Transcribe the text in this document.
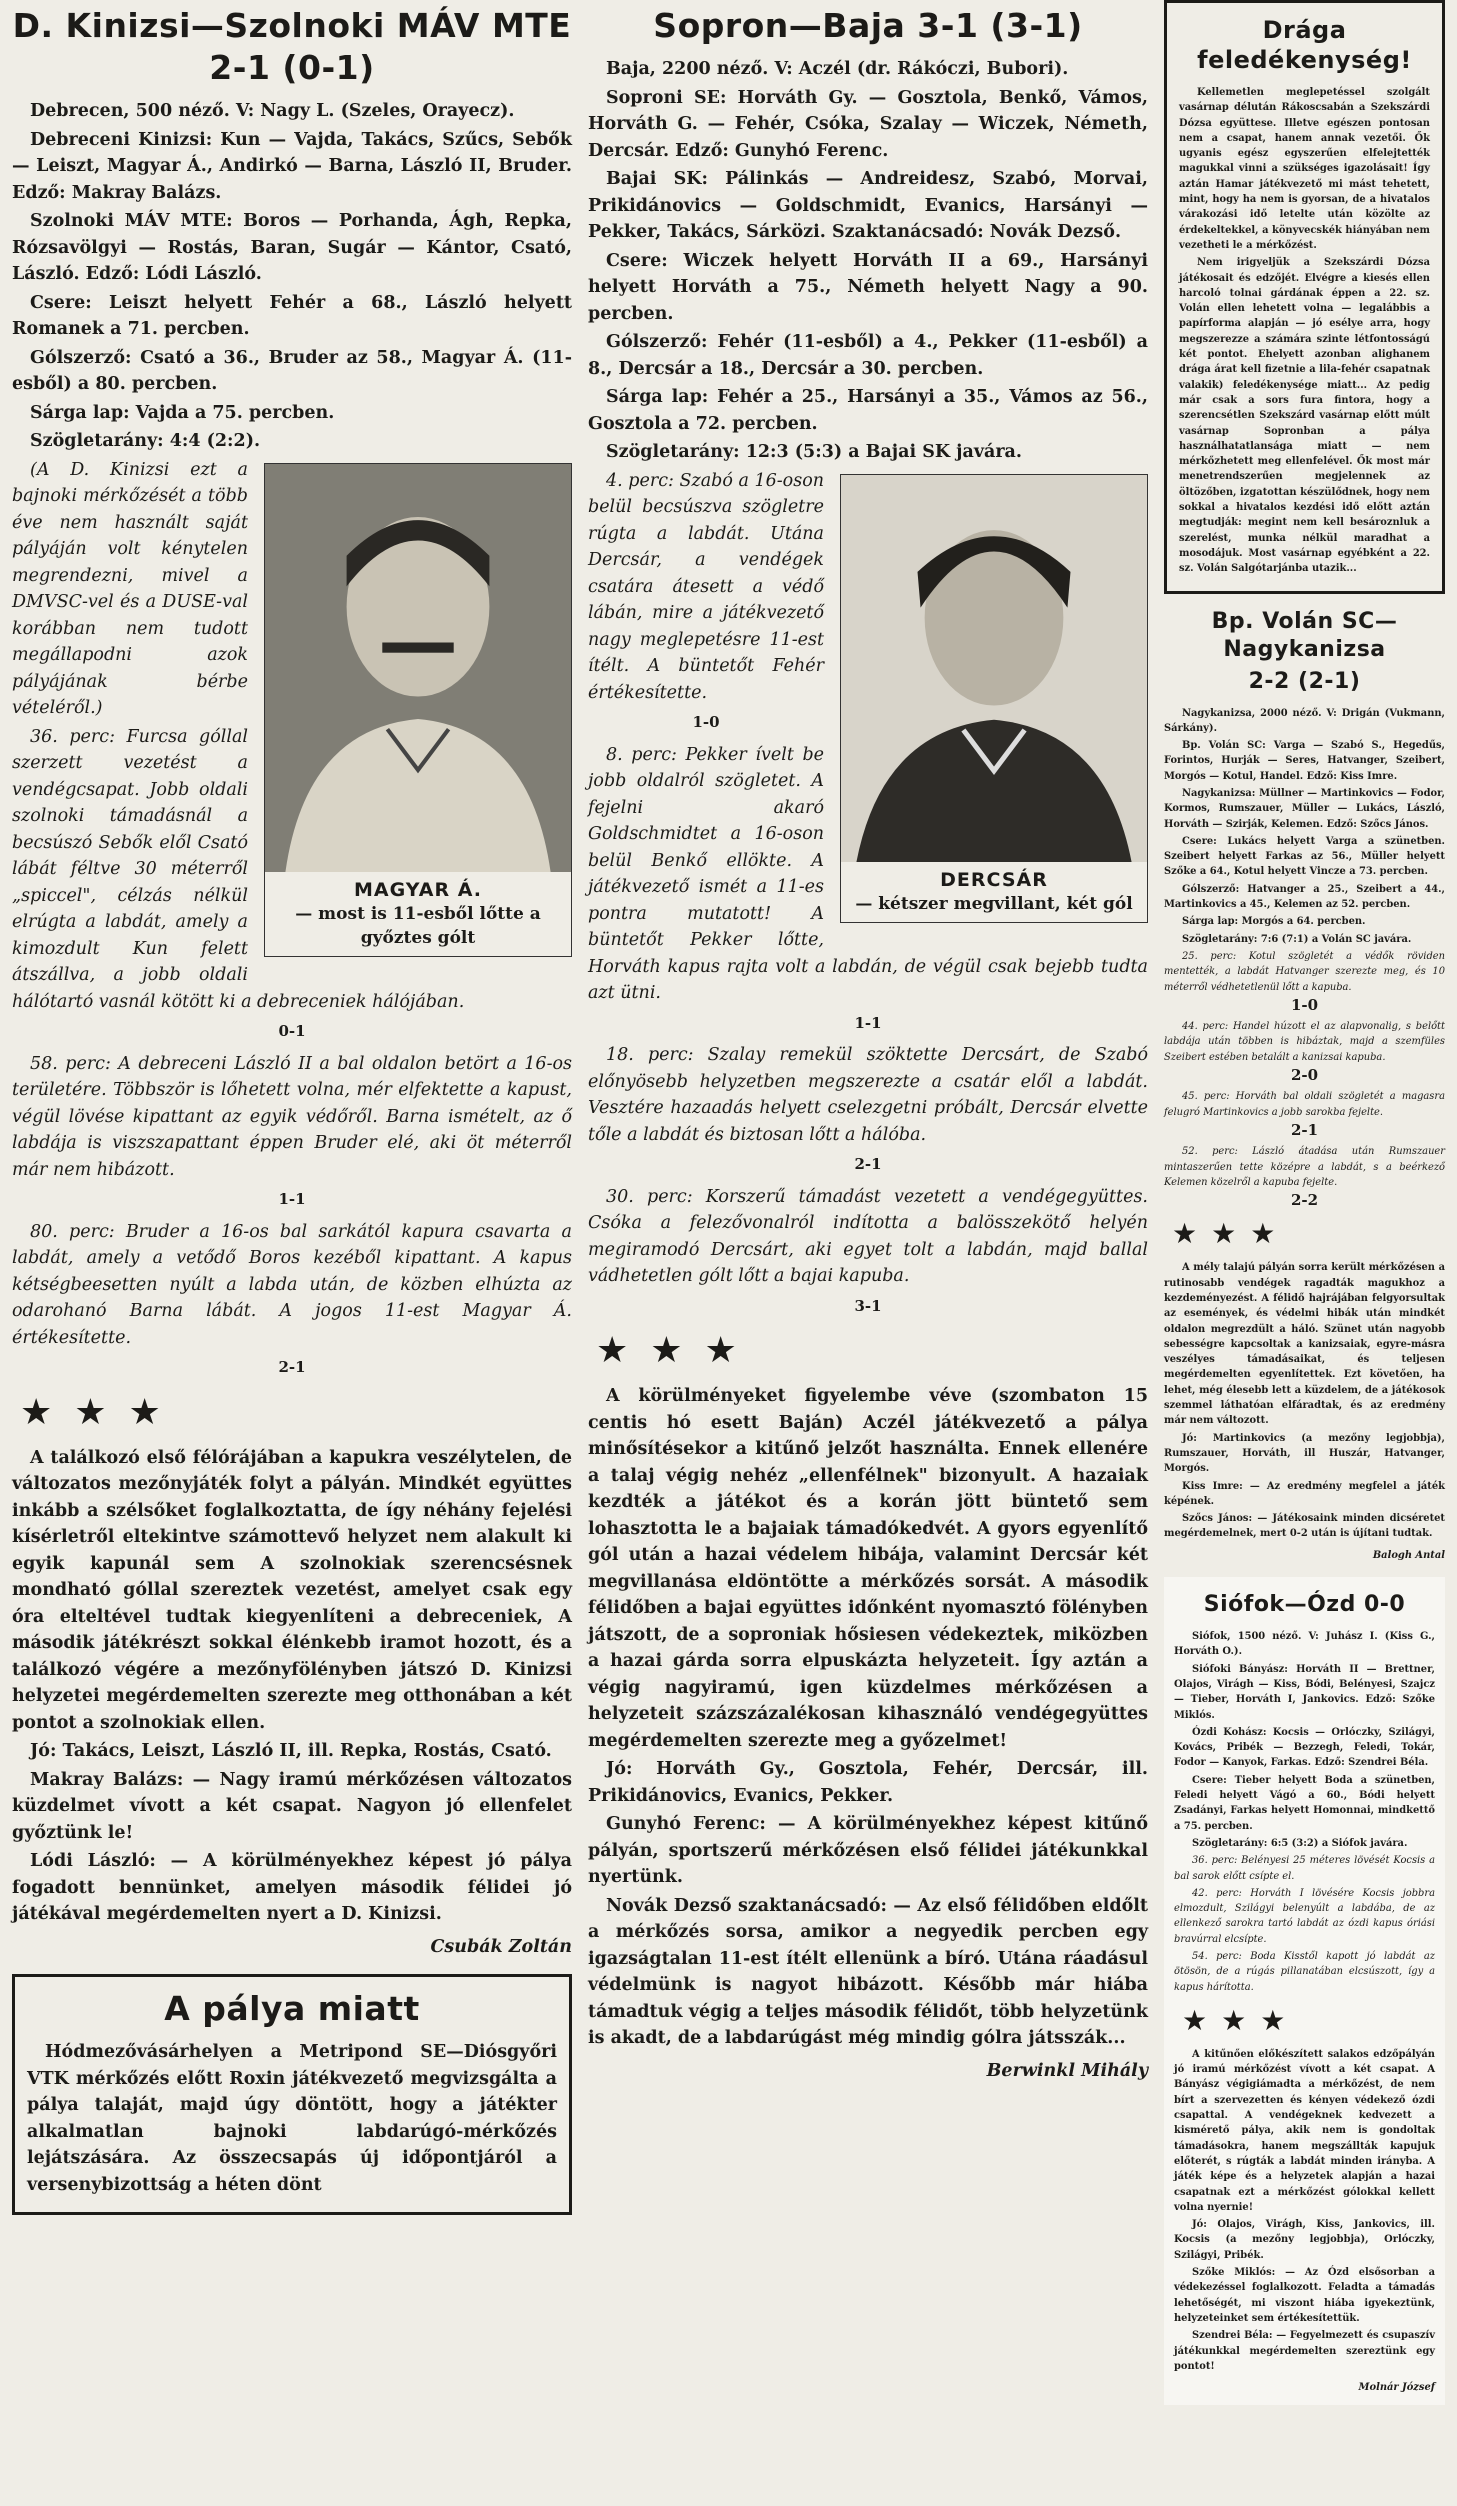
D. Kinizsi—Szolnoki MÁV MTE
2-1 (0-1)

Debrecen, 500 néző. V: Nagy L. (Szeles, Orayecz).

Debreceni Kinizsi: Kun — Vajda, Takács, Szűcs, Sebők — Leiszt, Magyar Á., Andirkó — Barna, László II, Bruder. Edző: Makray Balázs.

Szolnoki MÁV MTE: Boros — Porhanda, Ágh, Repka, Rózsavölgyi — Rostás, Baran, Sugár — Kántor, Csató, László. Edző: Lódi László.

Csere: Leiszt helyett Fehér a 68., László helyett Romanek a 71. percben.

Gólszerző: Csató a 36., Bruder az 58., Magyar Á. (11-esből) a 80. percben.

Sárga lap: Vajda a 75. percben.

Szögletarány: 4:4 (2:2).

MAGYAR Á.
— most is 11-esből lőtte a győztes gólt

(A D. Kinizsi ezt a bajnoki mérkőzését a több éve nem használt saját pályáján volt kénytelen megrendezni, mivel a DMVSC-vel és a DUSE-val korábban nem tudott megállapodni azok pályájának bérbe vételéről.)

36. perc: Furcsa góllal szerzett vezetést a vendégcsapat. Jobb oldali szolnoki támadásnál a becsúszó Sebők elől Csató lábát féltve 30 méterről „spiccel", célzás nélkül elrúgta a labdát, amely a kimozdult Kun felett átszállva, a jobb oldali hálótartó vasnál kötött ki a debreceniek hálójában.

0-1

58. perc: A debreceni László II a bal oldalon betört a 16-os területére. Többször is lőhetett volna, mér elfektette a kapust, végül lövése kipattant az egyik védőről. Barna ismételt, az ő labdája is viszszapattant éppen Bruder elé, aki öt méterről már nem hibázott.

1-1

80. perc: Bruder a 16-os bal sarkától kapura csavarta a labdát, amely a vetődő Boros kezéből kipattant. A kapus kétségbeesetten nyúlt a labda után, de közben elhúzta az odarohanó Barna lábát. A jogos 11-est Magyar Á. értékesítette.

2-1

★★★

A találkozó első félórájában a kapukra veszélytelen, de változatos mezőnyjáték folyt a pályán. Mindkét együttes inkább a szélsőket foglalkoztatta, de így néhány fejelési kísérletről eltekintve számottevő helyzet nem alakult ki egyik kapunál sem A szolnokiak szerencsésnek mondható góllal szereztek vezetést, amelyet csak egy óra elteltével tudtak kiegyenlíteni a debreceniek, A második játékrészt sokkal élénkebb iramot hozott, és a találkozó végére a mezőnyfölényben játszó D. Kinizsi helyzetei megérdemelten szerezte meg otthonában a két pontot a szolnokiak ellen.

Jó: Takács, Leiszt, László II, ill. Repka, Rostás, Csató.

Makray Balázs: — Nagy iramú mérkőzésen változatos küzdelmet vívott a két csapat. Nagyon jó ellenfelet győztünk le!

Lódi László: — A körülményekhez képest jó pálya fogadott bennünket, amelyen második félidei jó játékával megérdemelten nyert a D. Kinizsi.

Csubák Zoltán

A pálya miatt

Hódmezővásárhelyen a Metripond SE—Diósgyőri VTK mérkőzés előtt Roxin játékvezető megvizsgálta a pálya talaját, majd úgy döntött, hogy a játékter alkalmatlan bajnoki labdarúgó-mérkőzés lejátszására. Az összecsapás új időpontjáról a versenybizottság a héten dönt

Sopron—Baja 3-1 (3-1)

Baja, 2200 néző. V: Aczél (dr. Rákóczi, Bubori).

Soproni SE: Horváth Gy. — Gosztola, Benkő, Vámos, Horváth G. — Fehér, Csóka, Szalay — Wiczek, Németh, Dercsár. Edző: Gunyhó Ferenc.

Bajai SK: Pálinkás — Andreidesz, Szabó, Morvai, Prikidánovics — Goldschmidt, Evanics, Harsányi — Pekker, Takács, Sárközi. Szaktanácsadó: Novák Dezső.

Csere: Wiczek helyett Horváth II a 69., Harsányi helyett Horváth a 75., Németh helyett Nagy a 90. percben.

Gólszerző: Fehér (11-esből) a 4., Pekker (11-esből) a 8., Dercsár a 18., Dercsár a 30. percben.

Sárga lap: Fehér a 25., Harsányi a 35., Vámos az 56., Gosztola a 72. percben.

Szögletarány: 12:3 (5:3) a Bajai SK javára.

DERCSÁR
— kétszer megvillant, két gól

4. perc: Szabó a 16-oson belül becsúszva szögletre rúgta a labdát. Utána Dercsár, a vendégek csatára átesett a védő lábán, mire a játékvezető nagy meglepetésre 11-est ítélt. A büntetőt Fehér értékesítette.

1-0

8. perc: Pekker ívelt be jobb oldalról szögletet. A fejelni akaró Goldschmidtet a 16-oson belül Benkő ellökte. A játékvezető ismét a 11-es pontra mutatott! A büntetőt Pekker lőtte, Horváth kapus rajta volt a labdán, de végül csak bejebb tudta azt ütni.

1-1

18. perc: Szalay remekül szöktette Dercsárt, de Szabó előnyösebb helyzetben megszerezte a csatár elől a labdát. Vesztére hazaadás helyett cselezgetni próbált, Dercsár elvette tőle a labdát és biztosan lőtt a hálóba.

2-1

30. perc: Korszerű támadást vezetett a vendégegyüttes. Csóka a felezővonalról indította a balösszekötő helyén megiramodó Dercsárt, aki egyet tolt a labdán, majd ballal vádhetetlen gólt lőtt a bajai kapuba.

3-1

★★★

A körülményeket figyelembe véve (szombaton 15 centis hó esett Baján) Aczél játékvezető a pálya minősítésekor a kitűnő jelzőt használta. Ennek ellenére a talaj végig nehéz „ellenfélnek" bizonyult. A hazaiak kezdték a játékot és a korán jött büntető sem lohasztotta le a bajaiak támadókedvét. A gyors egyenlítő gól után a hazai védelem hibája, valamint Dercsár két megvillanása eldöntötte a mérkőzés sorsát. A második félidőben a bajai együttes időnként nyomasztó fölényben játszott, de a soproniak hősiesen védekeztek, miközben a hazai gárda sorra elpuskázta helyzeteit. Így aztán a végig nagyiramú, igen küzdelmes mérkőzésen a helyzeteit százszázalékosan kihasználó vendégegyüttes megérdemelten szerezte meg a győzelmet!

Jó: Horváth Gy., Gosztola, Fehér, Dercsár, ill. Prikidánovics, Evanics, Pekker.

Gunyhó Ferenc: — A körülményekhez képest kitűnő pályán, sportszerű mérkőzésen első félidei játékunkkal nyertünk.

Novák Dezső szaktanácsadó: — Az első félidőben eldőlt a mérkőzés sorsa, amikor a negyedik percben egy igazságtalan 11-est ítélt ellenünk a bíró. Utána ráadásul védelmünk is nagyot hibázott. Később már hiába támadtuk végig a teljes második félidőt, több helyzetünk is akadt, de a labdarúgást még mindig gólra játsszák...

Berwinkl Mihály

Drága feledékenység!

Kellemetlen meglepetéssel szolgált vasárnap délután Rákoscsabán a Szekszárdi Dózsa együttese. Illetve egészen pontosan nem a csapat, hanem annak vezetői. Ők ugyanis egész egyszerűen elfelejtették magukkal vinni a szükséges igazolásait! Így aztán Hamar játékvezető mi mást tehetett, mint, hogy ha nem is gyorsan, de a hivatalos várakozási idő letelte után közölte az érdekeltekkel, a könyvecskék hiányában nem vezetheti le a mérkőzést.

Nem irigyeljük a Szekszárdi Dózsa játékosait és edzőjét. Elvégre a kiesés ellen harcoló tolnai gárdának éppen a 22. sz. Volán ellen lehetett volna — legalábbis a papírforma alapján — jó esélye arra, hogy megszerezze a számára szinte létfontosságú két pontot. Ehelyett azonban alighanem drága árat kell fizetnie a lila-fehér csapatnak valakik) feledékenysége miatt... Az pedig már csak a sors fura fintora, hogy a szerencsétlen Szekszárd vasárnap előtt múlt vasárnap Sopronban a pálya használhatatlansága miatt — nem mérkőzhetett meg ellenfelével. Ők most már menetrendszerűen megjelennek az öltözőben, izgatottan készülődnek, hogy nem sokkal a hivatalos kezdési idő előtt aztán megtudják: megint nem kell besároznluk a szerelést, munka nélkül maradhat a mosodájuk. Most vasárnap egyébként a 22. sz. Volán Salgótarjánba utazik...

Bp. Volán SC—Nagykanizsa
2-2 (2-1)

Nagykanizsa, 2000 néző. V: Drigán (Vukmann, Sárkány).

Bp. Volán SC: Varga — Szabó S., Hegedűs, Forintos, Hurják — Seres, Hatvanger, Szeibert, Morgós — Kotul, Handel. Edző: Kiss Imre.

Nagykanizsa: Müllner — Martinkovics — Fodor, Kormos, Rumszauer, Müller — Lukács, László, Horváth — Szirják, Kelemen. Edző: Szőcs János.

Csere: Lukács helyett Varga a szünetben. Szeibert helyett Farkas az 56., Müller helyett Szőke a 64., Kotul helyett Vincze a 73. percben.

Gólszerző: Hatvanger a 25., Szeibert a 44., Martinkovics a 45., Kelemen az 52. percben.

Sárga lap: Morgós a 64. percben.

Szögletarány: 7:6 (7:1) a Volán SC javára.

25. perc: Kotul szögletét a védők röviden mentették, a labdát Hatvanger szerezte meg, és 10 méterről védhetetlenül lőtt a kapuba.

1-0

44. perc: Handel húzott el az alapvonalig, s belőtt labdája után többen is hibáztak, majd a szemfüles Szeibert estében betalált a kanizsai kapuba.

2-0

45. perc: Horváth bal oldali szögletét a magasra felugró Martinkovics a jobb sarokba fejelte.

2-1

52. perc: László átadása után Rumszauer mintaszerűen tette középre a labdát, s a beérkező Kelemen közelről a kapuba fejelte.

2-2

★★★

A mély talajú pályán sorra került mérkőzésen a rutinosabb vendégek ragadták magukhoz a kezdeményezést. A félidő hajrájában felgyorsultak az események, és védelmi hibák után mindkét oldalon megrezdült a háló. Szünet után nagyobb sebességre kapcsoltak a kanizsaiak, egyre-másra veszélyes támadásaikat, és teljesen megérdemelten egyenlítettek. Ezt követően, ha lehet, még élesebb lett a küzdelem, de a játékosok szemmel láthatóan elfáradtak, és az eredmény már nem változott.

Jó: Martinkovics (a mezőny legjobbja), Rumszauer, Horváth, ill Huszár, Hatvanger, Morgós.

Kiss Imre: — Az eredmény megfelel a játék képének.

Szőcs János: — Játékosaink minden dicséretet megérdemelnek, mert 0-2 után is újítani tudtak.

Balogh Antal

Siófok—Ózd 0-0

Siófok, 1500 néző. V: Juhász I. (Kiss G., Horváth O.).

Siófoki Bányász: Horváth II — Brettner, Olajos, Virágh — Kiss, Bódi, Belényesi, Szajcz — Tieber, Horváth I, Jankovics. Edző: Szőke Miklós.

Ózdi Kohász: Kocsis — Orlóczky, Szilágyi, Kovács, Pribék — Bezzegh, Feledi, Tokár, Fodor — Kanyok, Farkas. Edző: Szendrei Béla.

Csere: Tieber helyett Boda a szünetben, Feledi helyett Vágó a 60., Bódi helyett Zsadányi, Farkas helyett Homonnai, mindkettő a 75. percben.

Szögletarány: 6:5 (3:2) a Siófok javára.

36. perc: Belényesi 25 méteres lövését Kocsis a bal sarok előtt csípte el.

42. perc: Horváth I lövésére Kocsis jobbra elmozdult, Szilágyi belenyúlt a labdába, de az ellenkező sarokra tartó labdát az ózdi kapus óriási bravúrral elcsípte.

54. perc: Boda Kisstől kapott jó labdát az ötösön, de a rúgás pillanatában elcsúszott, így a kapus hárította.

★★★

A kitűnően előkészített salakos edzőpályán jó iramú mérkőzést vívott a két csapat. A Bányász végigiámadta a mérkőzést, de nem bírt a szervezetten és kényen védekező ózdi csapattal. A vendégeknek kedvezett a kismérető pálya, akik nem is gondoltak támadásokra, hanem megszállták kapujuk előterét, s rúgták a labdát minden irányba. A játék képe és a helyzetek alapján a hazai csapatnak ezt a mérkőzést gólokkal kellett volna nyernie!

Jó: Olajos, Virágh, Kiss, Jankovics, ill. Kocsis (a mezőny legjobbja), Orlóczky, Szilágyi, Pribék.

Szőke Miklós: — Az Ózd elsősorban a védekezéssel foglalkozott. Feladta a támadás lehetőségét, mi viszont hiába igyekeztünk, helyzeteinket sem értékesítettük.

Szendrei Béla: — Fegyelmezett és csupaszív játékunkkal megérdemelten szereztünk egy pontot!

Molnár József
